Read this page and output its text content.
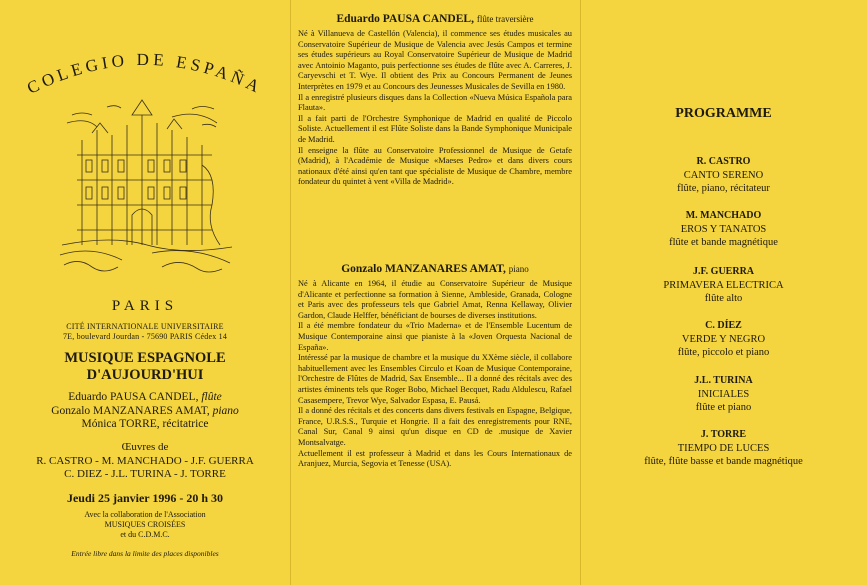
COLEGIO DE ESPAÑA
PARIS
CITÉ INTERNATIONALE UNIVERSITAIRE
7E, boulevard Jourdan - 75690 PARIS Cédex 14
MUSIQUE ESPAGNOLE
D'AUJOURD'HUI
Eduardo PAUSA CANDEL, flûte
Gonzalo MANZANARES AMAT, piano
Mónica TORRE, récitatrice
Œuvres de
R. CASTRO - M. MANCHADO - J.F. GUERRA
C. DIEZ - J.L. TURINA - J. TORRE
Jeudi 25 janvier 1996 - 20 h 30
Avec la collaboration de l'Association
MUSIQUES CROISÉES
et du C.D.M.C.
Entrée libre dans la limite des places disponibles
Eduardo PAUSA CANDEL, flûte traversière

Né à Villanueva de Castellón (Valencia), il commence ses études musicales au Conservatoire Supérieur de Musique de Valencia avec Jesús Campos et termine ses études supérieurs au Royal Conservatoire Supérieur de Musique de Madrid avec Antoinio Maganto, puis perfectionne ses études de flûte avec A. Carreres, J. Caryevschi et T. Wye. Il obtient des Prix au Concours Permanent de Jeunes Interprètes en 1979 et au Concours des Jeunesses Musicales de Sevilla en 1980.

Il a enregistré plusieurs disques dans la Collection «Nueva Música Española para Flauta».

Il a fait parti de l'Orchestre Symphonique de Madrid en qualité de Piccolo Soliste. Actuellement il est Flûte Soliste dans la Bande Symphonique Municipale de Madrid.

Il enseigne la flûte au Conservatoire Professionnel de Musique de Getafe (Madrid), à l'Académie de Musique «Maeses Pedro» et dans divers cours nationaux d'été ainsi qu'en tant que spécialiste de Musique de Chambre, membre fondateur du quintet à vent «Villa de Madrid».

Gonzalo MANZANARES AMAT, piano

Né à Alicante en 1964, il étudie au Conservatoire Supérieur de Musique d'Alicante et perfectionne sa formation à Sienne, Ambleside, Granada, Cologne et Paris avec des professeurs tels que Gabriel Amat, Renna Kellaway, Olivier Gardon, Claude Helffer, bénéficiant de bourses de diverses institutions.

Il a été membre fondateur du «Trio Maderna» et de l'Ensemble Lucentum de Musique Contemporaine ainsi que pianiste à la «Joven Orquesta Nacional de España».

Intéressé par la musique de chambre et la musique du XXème siècle, il collabore habituellement avec les Ensembles Circulo et Koan de Musique Contemporaine, l'Orchestre de Flûtes de Madrid, Sax Ensemble... Il a donné des récitals avec des artistes éminents tels que Roger Bobo, Michael Becquet, Radu Aldulescu, Rafael Casasempere, Trevor Wye, Salvador Espasa, E. Pausá.

Il a donné des récitals et des concerts dans divers festivals en Espagne, Belgique, France, U.R.S.S., Turquie et Hongrie. Il a fait des enregistrements pour RNE, Canal Sur, Canal 9 ainsi qu'un disque en CD de .musique de Xavier Montsalvatge.

Actuellement il est professeur à Madrid et dans les Cours Internationaux de Aranjuez, Murcia, Segovia et Tenesse (USA).

PROGRAMME
R. CASTRO
CANTO SERENO
flûte, piano, récitateur
M. MANCHADO
EROS Y TANATOS
flûte et bande magnétique
J.F. GUERRA
PRIMAVERA ELECTRICA
flûte alto
C. DÍEZ
VERDE Y NEGRO
flûte, piccolo et piano
J.L. TURINA
INICIALES
flûte et piano
J. TORRE
TIEMPO DE LUCES
flûte, flûte basse et bande magnétique
